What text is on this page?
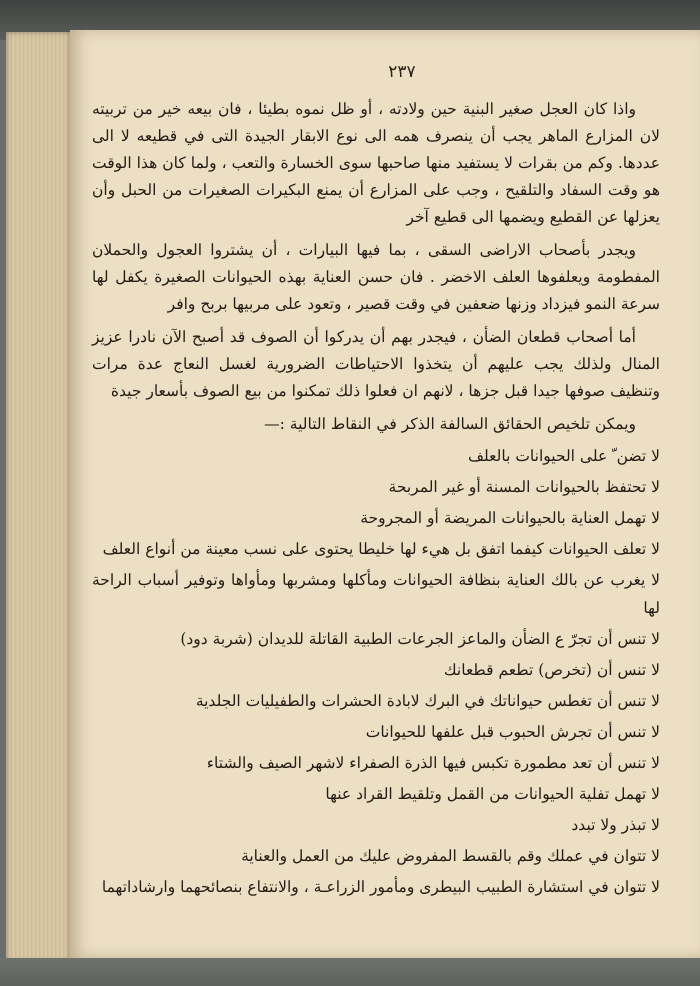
٢٣٧

واذا كان العجل صغير البنية حين ولادته ، أو ظل نموه بطيئا ، فان بيعه خير من تربيته لان المزارع الماهر يجب أن ينصرف همه الى نوع الابقار الجيدة التى في قطيعه لا الى عددها. وكم من بقرات لا يستفيد منها صاحبها سوى الخسارة والتعب ، ولما كان هذا الوقت هو وقت السفاد والتلقيح ، وجب على المزارع أن يمنع البكيرات الصغيرات من الحبل وأن يعزلها عن القطيع ويضمها الى قطيع آخر

ويجدر بأصحاب الاراضى السقى ، بما فيها البيارات ، أن يشتروا العجول والحملان المفطومة ويعلفوها العلف الاخضر . فان حسن العناية بهذه الحيوانات الصغيرة يكفل لها سرعة النمو فيزداد وزنها ضعفين في وقت قصير ، وتعود على مربيها بربح وافر

أما أصحاب قطعان الضأن ، فيجدر بهم أن يدركوا أن الصوف قد أصبح الآن نادرا عزيز المنال ولذلك يجب عليهم أن يتخذوا الاحتياطات الضرورية لغسل النعاج عدة مرات وتنظيف صوفها جيدا قبل جزها ، لانهم ان فعلوا ذلك تمكنوا من بيع الصوف بأسعار جيدة

ويمكن تلخيص الحقائق السالفة الذكر في النقاط التالية :—

لا تضن ّ على الحيوانات بالعلف
لا تحتفظ بالحيوانات المسنة أو غير المربحة
لا تهمل العناية بالحيوانات المريضة أو المجروحة
لا تعلف الحيوانات كيفما اتفق بل هيء لها خليطا يحتوى على نسب معينة من أنواع العلف
لا يغرب عن بالك العناية بنظافة الحيوانات ومأكلها ومشربها ومأواها وتوفير أسباب الراحة لها
لا تنس أن تجرّ ع الضأن والماعز الجرعات الطبية القاتلة للديدان (شربة دود)
لا تنس أن (تخرص) تطعم قطعانك
لا تنس أن تغطس حيواناتك في البرك لابادة الحشرات والطفيليات الجلدية
لا تنس أن تجرش الحبوب قبل علفها للحيوانات
لا تنس أن تعد مطمورة تكبس فيها الذرة الصفراء لاشهر الصيف والشتاء
لا تهمل تفلية الحيوانات من القمل وتلقيط القراد عنها
لا تبذر ولا تبدد
لا تتوان في عملك وقم بالقسط المفروض عليك من العمل والعناية
لا تتوان في استشارة الطبيب البيطرى ومأمور الزراعـة ، والانتفاع بنصائحهما وارشاداتهما
